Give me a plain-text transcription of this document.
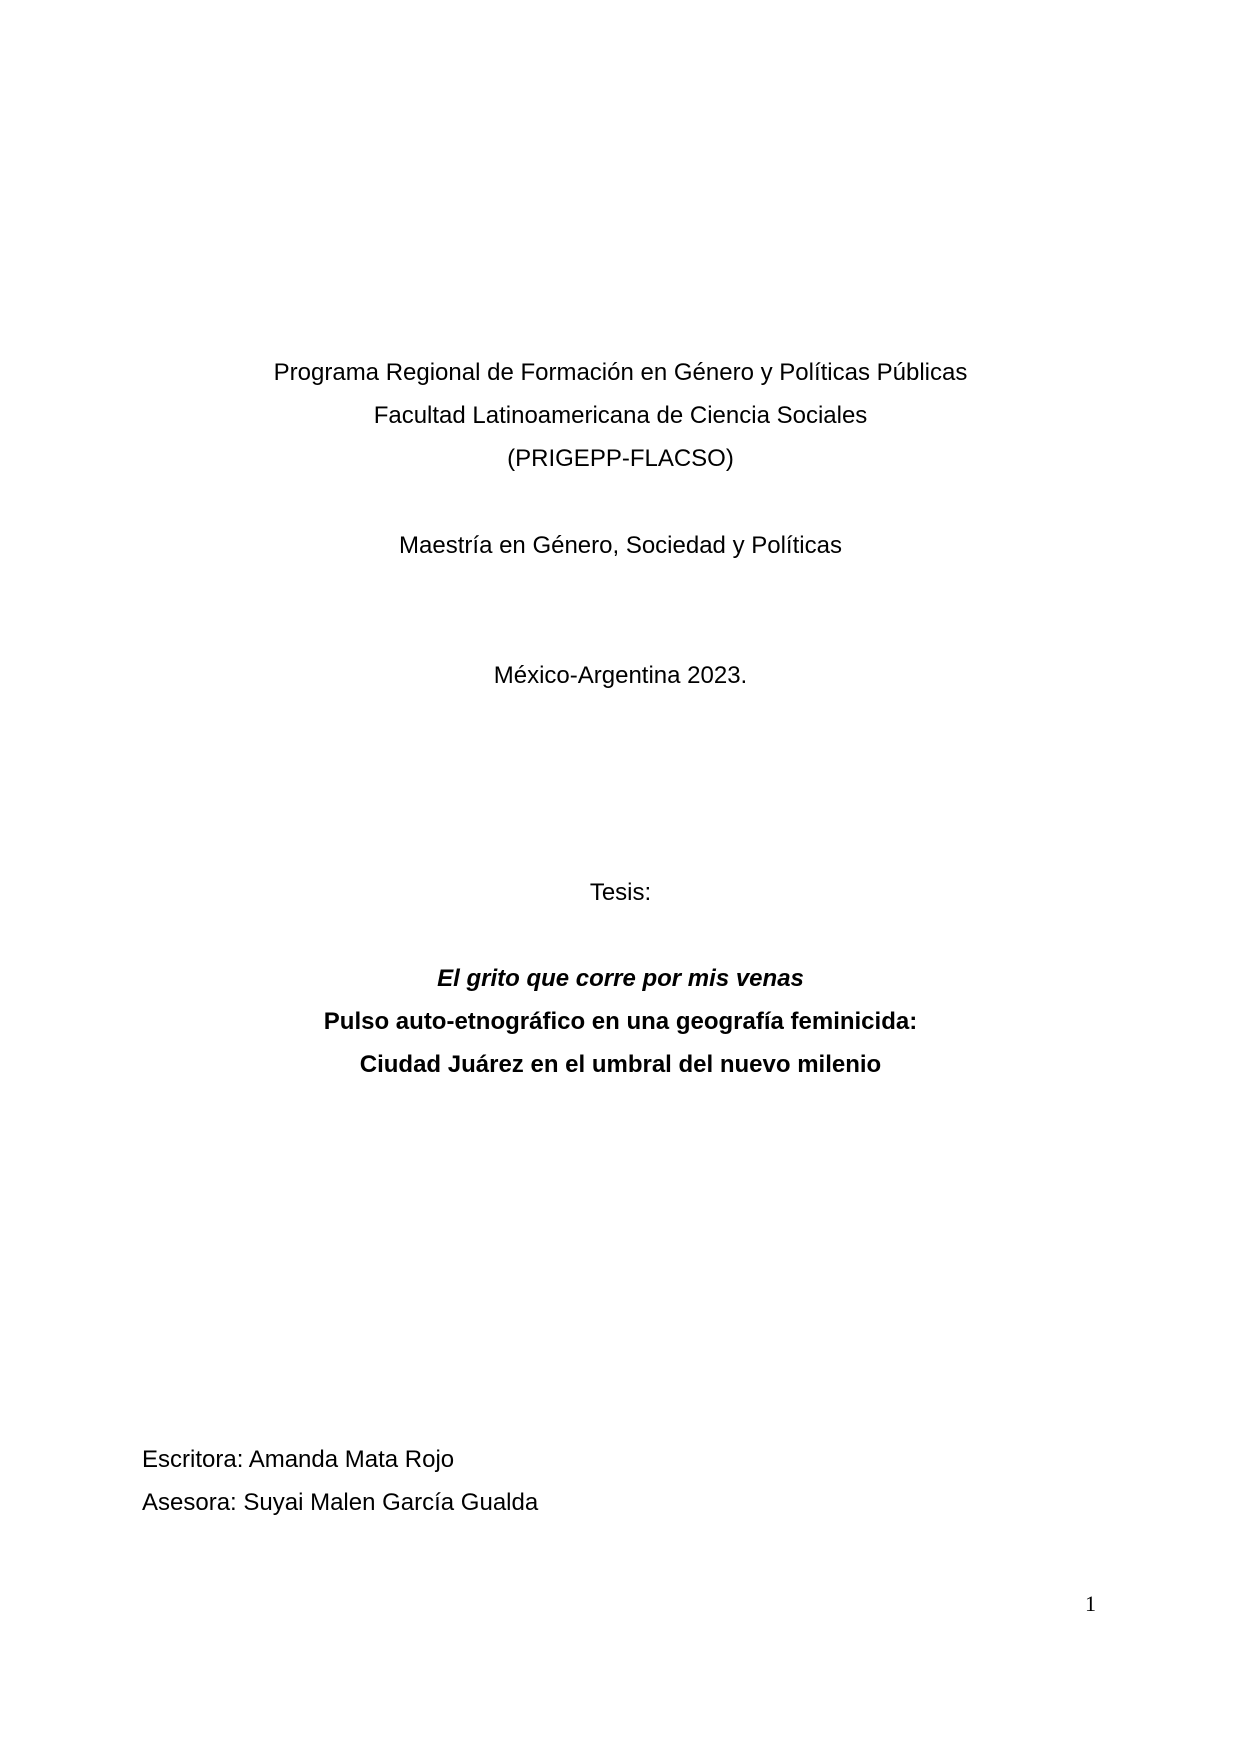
Programa Regional de Formación en Género y Políticas Públicas
Facultad Latinoamericana de Ciencia Sociales
(PRIGEPP-FLACSO)
Maestría en Género, Sociedad y Políticas
México-Argentina 2023.
Tesis:
El grito que corre por mis venas
Pulso auto-etnográfico en una geografía feminicida:
Ciudad Juárez en el umbral del nuevo milenio
Escritora: Amanda Mata Rojo
Asesora: Suyai Malen García Gualda
1
